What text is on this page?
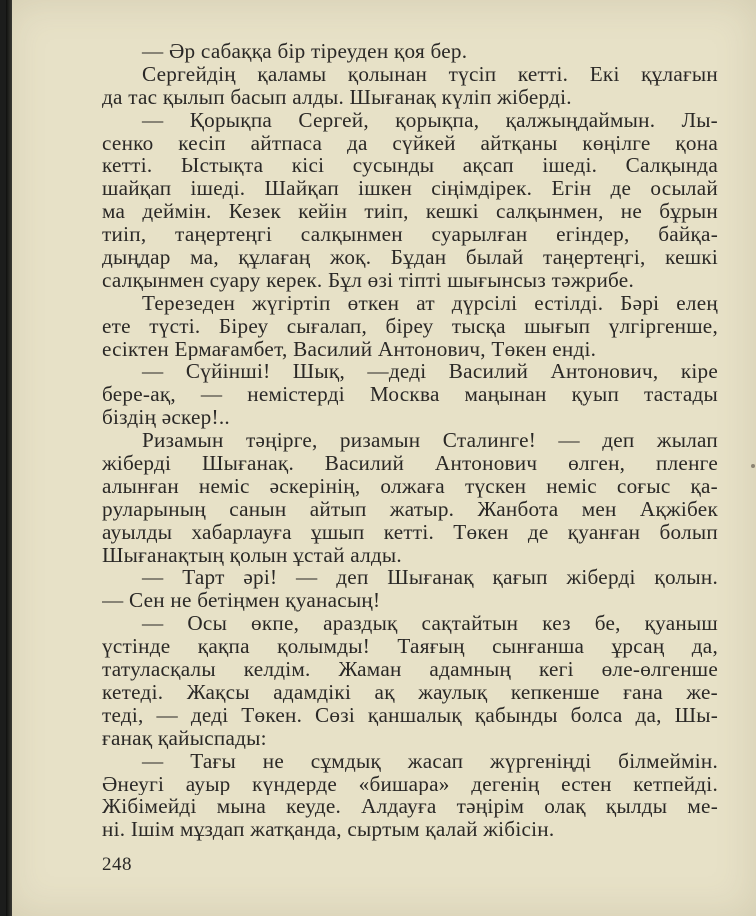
— Әр сабаққа бір тіреуден қоя бер.
Сергейдің қаламы қолынан түсіп кетті. Екі құлағын
да тас қылып басып алды. Шығанақ күліп жіберді.
— Қорықпа Сергей, қорықпа, қалжыңдаймын. Лы-
сенко кесіп айтпаса да сүйкей айтқаны көңілге қона
кетті. Ыстықта кісі сусынды ақсап ішеді. Салқында
шайқап ішеді. Шайқап ішкен сіңімдірек. Егін де осылай
ма деймін. Кезек кейін тиіп, кешкі салқынмен, не бұрын
тиіп, таңертеңгі салқынмен суарылған егіндер, байқа-
дыңдар ма, құлағаң жоқ. Бұдан былай таңертеңгі, кешкі
салқынмен суару керек. Бұл өзі тіпті шығынсыз тәжрибе.
Терезеден жүгіртіп өткен ат дүрсілі естілді. Бәрі елең
ете түсті. Біреу сығалап, біреу тысқа шығып үлгіргенше,
есіктен Ермағамбет, Василий Антонович, Төкен енді.
— Сүйінші! Шық, —деді Василий Антонович, кіре
бере-ақ, — немістерді Москва маңынан қуып тастады
біздің әскер!..
Ризамын тәңірге, ризамын Сталинге! — деп жылап
жіберді Шығанақ. Василий Антонович өлген, пленге
алынған неміс әскерінің, олжаға түскен неміс соғыс қа-
руларының санын айтып жатыр. Жанбота мен Ақжібек
ауылды хабарлауға ұшып кетті. Төкен де қуанған болып
Шығанақтың қолын ұстай алды.
— Тарт әрі! — деп Шығанақ қағып жіберді қолын.
— Сен не бетіңмен қуанасың!
— Осы өкпе, араздық сақтайтын кез бе, қуаныш
үстінде қақпа қолымды! Таяғың сынғанша ұрсаң да,
татуласқалы келдім. Жаман адамның кегі өле-өлгенше
кетеді. Жақсы адамдікі ақ жаулық кепкенше ғана же-
теді, — деді Төкен. Сөзі қаншалық қабынды болса да, Шы-
ғанақ қайыспады:
— Тағы не сұмдық жасап жүргеніңді білмеймін.
Әнеугі ауыр күндерде «бишара» дегенің естен кетпейді.
Жібімейді мына кеуде. Алдауға тәңірім олақ қылды ме-
ні. Ішім мұздап жатқанда, сыртым қалай жібісін.
248
